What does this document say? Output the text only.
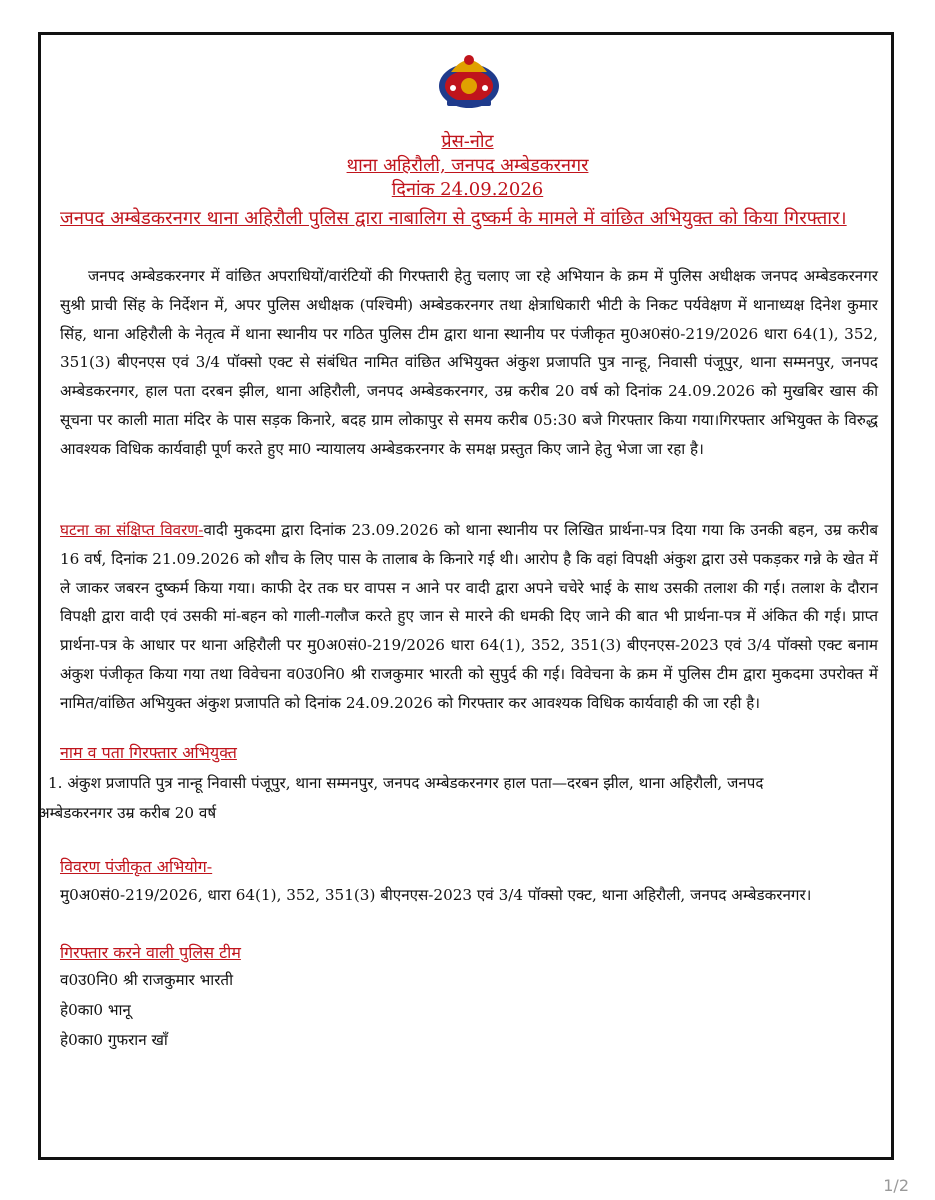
प्रेस-नोट

थाना अहिरौली, जनपद अम्बेडकरनगर

दिनांक 24.09.2026

जनपद अम्बेडकरनगर थाना अहिरौली पुलिस द्वारा नाबालिग से दुष्कर्म के मामले में वांछित अभियुक्त को किया गिरफ्तार।

जनपद अम्बेडकरनगर में वांछित अपराधियों/वारंटियों की गिरफ्तारी हेतु चलाए जा रहे अभियान के क्रम में पुलिस अधीक्षक जनपद अम्बेडकरनगर सुश्री प्राची सिंह के निर्देशन में, अपर पुलिस अधीक्षक (पश्चिमी) अम्बेडकरनगर तथा क्षेत्राधिकारी भीटी के निकट पर्यवेक्षण में थानाध्यक्ष दिनेश कुमार सिंह, थाना अहिरौली के नेतृत्व में थाना स्थानीय पर गठित पुलिस टीम द्वारा थाना स्थानीय पर पंजीकृत मु0अ0सं0-219/2026 धारा 64(1), 352, 351(3) बीएनएस एवं 3/4 पॉक्सो एक्ट से संबंधित नामित वांछित अभियुक्त अंकुश प्रजापति पुत्र नान्हू, निवासी पंजूपुर, थाना सम्मनपुर, जनपद अम्बेडकरनगर, हाल पता दरबन झील, थाना अहिरौली, जनपद अम्बेडकरनगर, उम्र करीब 20 वर्ष को दिनांक 24.09.2026 को मुखबिर खास की सूचना पर काली माता मंदिर के पास सड़क किनारे, बदह ग्राम लोकापुर से समय करीब 05:30 बजे गिरफ्तार किया गया।गिरफ्तार अभियुक्त के विरुद्ध आवश्यक विधिक कार्यवाही पूर्ण करते हुए मा0 न्यायालय अम्बेडकरनगर के समक्ष प्रस्तुत किए जाने हेतु भेजा जा रहा है।

घटना का संक्षिप्त विवरण-वादी मुकदमा द्वारा दिनांक 23.09.2026 को थाना स्थानीय पर लिखित प्रार्थना-पत्र दिया गया कि उनकी बहन, उम्र करीब 16 वर्ष, दिनांक 21.09.2026 को शौच के लिए पास के तालाब के किनारे गई थी। आरोप है कि वहां विपक्षी अंकुश द्वारा उसे पकड़कर गन्ने के खेत में ले जाकर जबरन दुष्कर्म किया गया। काफी देर तक घर वापस न आने पर वादी द्वारा अपने चचेरे भाई के साथ उसकी तलाश की गई। तलाश के दौरान विपक्षी द्वारा वादी एवं उसकी मां-बहन को गाली-गलौज करते हुए जान से मारने की धमकी दिए जाने की बात भी प्रार्थना-पत्र में अंकित की गई। प्राप्त प्रार्थना-पत्र के आधार पर थाना अहिरौली पर मु0अ0सं0-219/2026 धारा 64(1), 352, 351(3) बीएनएस-2023 एवं 3/4 पॉक्सो एक्ट बनाम अंकुश पंजीकृत किया गया तथा विवेचना व0उ0नि0 श्री राजकुमार भारती को सुपुर्द की गई। विवेचना के क्रम में पुलिस टीम द्वारा मुकदमा उपरोक्त में नामित/वांछित अभियुक्त अंकुश प्रजापति को दिनांक 24.09.2026 को गिरफ्तार कर आवश्यक विधिक कार्यवाही की जा रही है।

नाम व पता गिरफ्तार अभियुक्त

1. अंकुश प्रजापति पुत्र नान्हू निवासी पंजूपुर, थाना सम्मनपुर, जनपद अम्बेडकरनगर हाल पता—दरबन झील, थाना अहिरौली, जनपद

अम्बेडकरनगर उम्र करीब 20 वर्ष

विवरण पंजीकृत अभियोग-

मु0अ0सं0-219/2026, धारा 64(1), 352, 351(3) बीएनएस-2023 एवं 3/4 पॉक्सो एक्ट, थाना अहिरौली, जनपद अम्बेडकरनगर।

गिरफ्तार करने वाली पुलिस टीम

व0उ0नि0 श्री राजकुमार भारती

हे0का0 भानू

हे0का0 गुफरान खाँ

1/2
